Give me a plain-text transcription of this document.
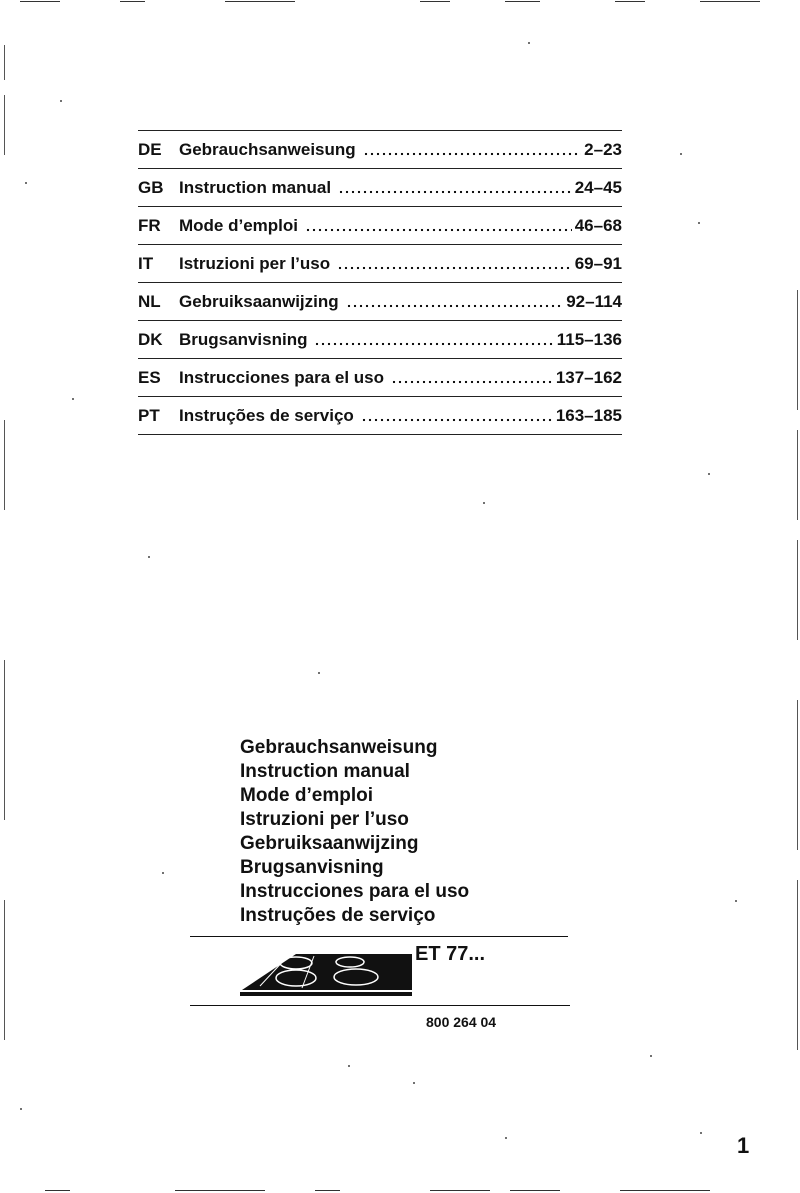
DE	Gebrauchsanweisung	2–23
GB Instruction manual	24–45
FR	Mode d’emploi	46–68
IT	Istruzioni per l’uso	69–91
NL	Gebruiksaanwijzing	92–114
DK Brugsanvisning	115–136
ES	Instrucciones para el uso	137–162
PT	Instruções de serviço	163–185
Gebrauchsanweisung
Instruction manual
Mode d’emploi
Istruzioni per l’uso
Gebruiksaanwijzing
Brugsanvisning
Instrucciones para el uso
Instruções de serviço
ET 77...
800 264 04
1
